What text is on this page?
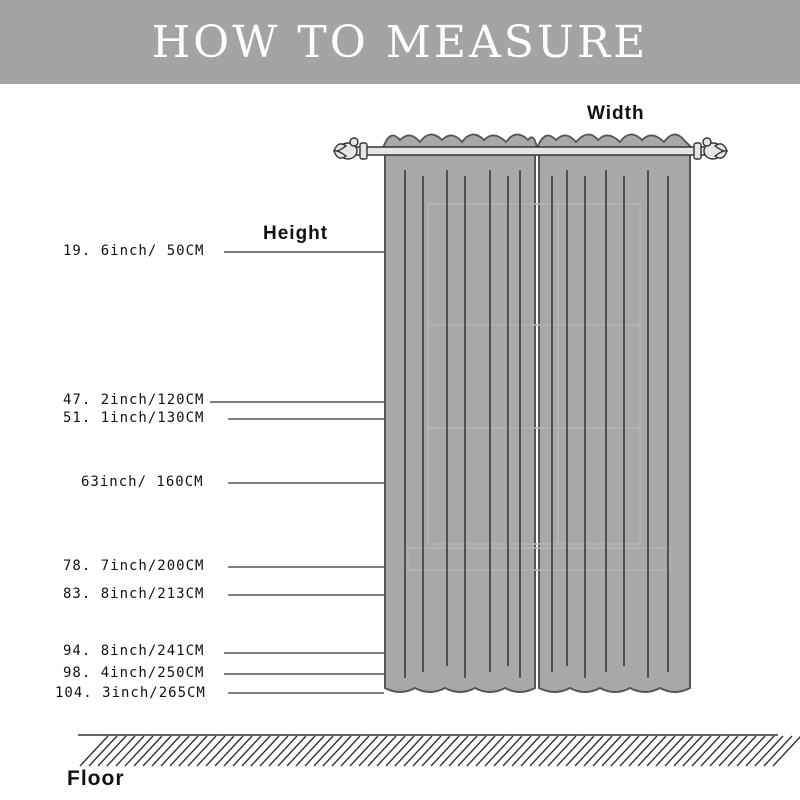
HOW TO MEASURE
Width
Height
Floor
19. 6inch/ 50CM
47. 2inch/120CM
51. 1inch/130CM
63inch/ 160CM
78. 7inch/200CM
83. 8inch/213CM
94. 8inch/241CM
98. 4inch/250CM
104. 3inch/265CM
